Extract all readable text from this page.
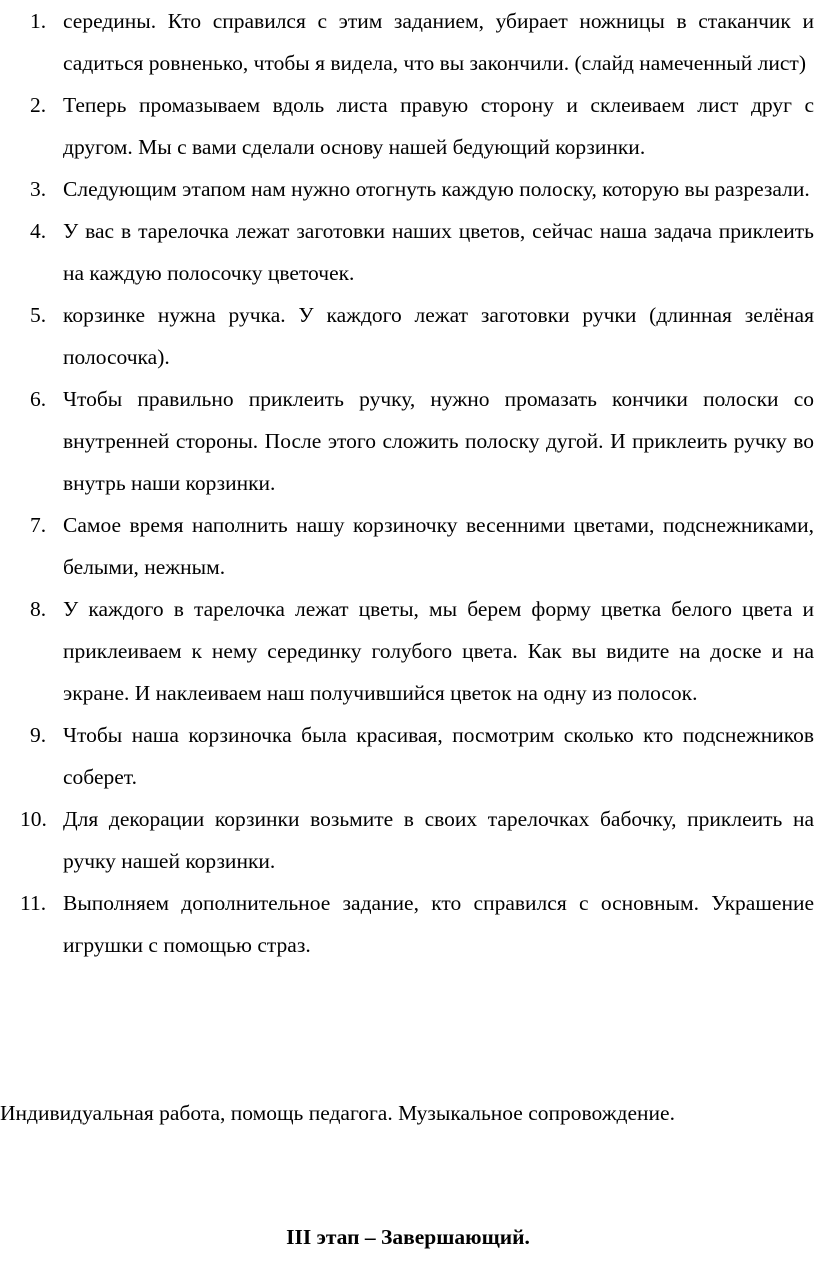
1. середины. Кто справился с этим заданием, убирает ножницы в стаканчик и садиться ровненько, чтобы я видела, что вы закончили. (слайд намеченный лист)
2. Теперь промазываем вдоль листа правую сторону и склеиваем лист друг с другом. Мы с вами сделали основу нашей бедующий корзинки.
3. Следующим этапом нам нужно отогнуть каждую полоску, которую вы разрезали.
4. У вас в тарелочка лежат заготовки наших цветов, сейчас наша задача приклеить на каждую полосочку цветочек.
5. корзинке нужна ручка. У каждого лежат заготовки ручки (длинная зелёная полосочка).
6. Чтобы правильно приклеить ручку, нужно промазать кончики полоски со внутренней стороны. После этого сложить полоску дугой. И приклеить ручку во внутрь наши корзинки.
7. Самое время наполнить нашу корзиночку весенними цветами, подснежниками, белыми, нежным.
8. У каждого в тарелочка лежат цветы, мы берем форму цветка белого цвета и приклеиваем к нему серединку голубого цвета. Как вы видите на доске и на экране. И наклеиваем наш получившийся цветок на одну из полосок.
9. Чтобы наша корзиночка была красивая, посмотрим сколько кто подснежников соберет.
10. Для декорации корзинки возьмите в своих тарелочках бабочку, приклеить на ручку нашей корзинки.
11. Выполняем дополнительное задание, кто справился с основным. Украшение игрушки с помощью страз.
Индивидуальная работа, помощь педагога. Музыкальное сопровождение.
III этап – Завершающий.
